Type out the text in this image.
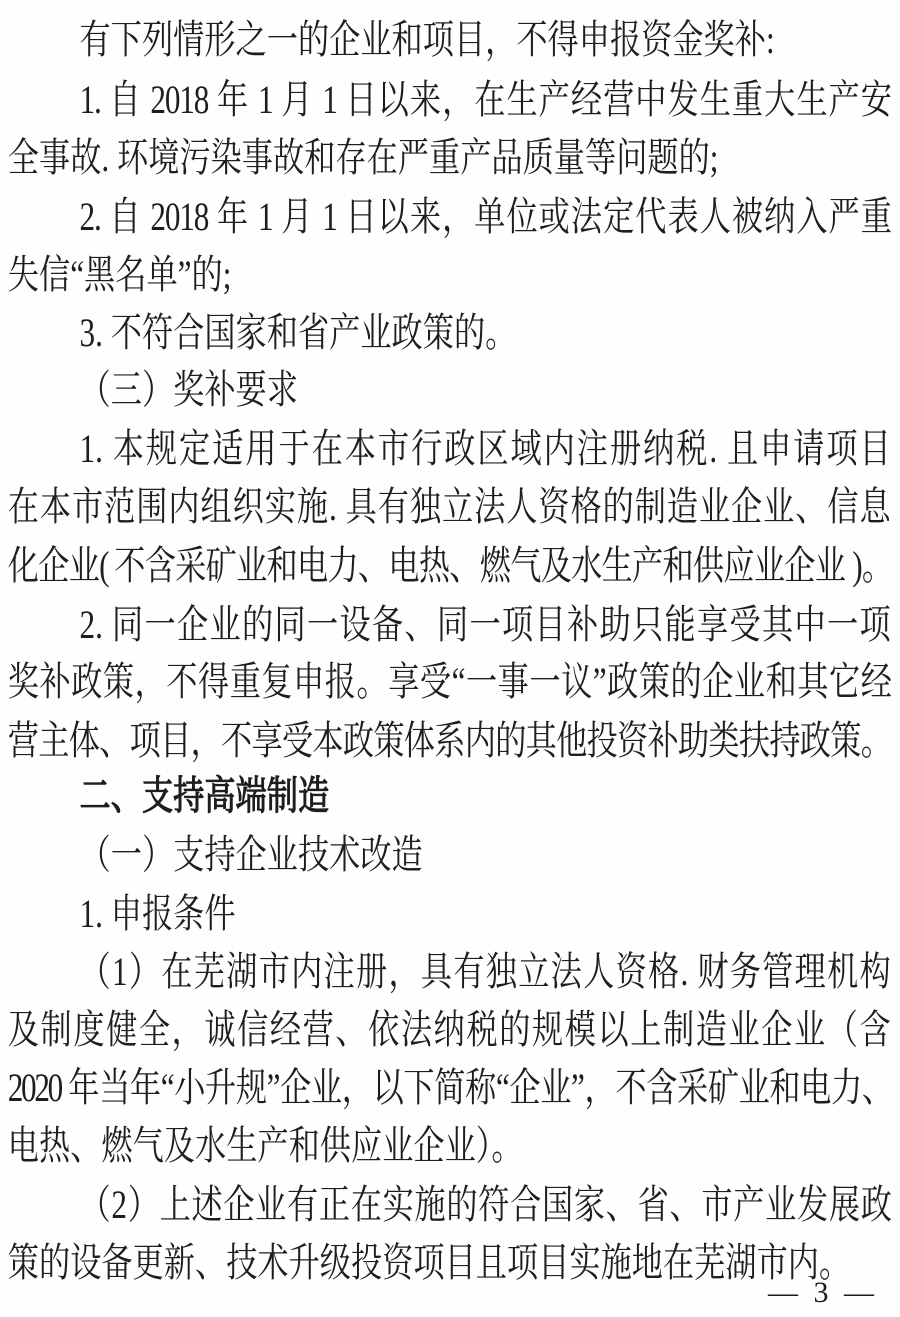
有下列情形之一的企业和项目，不得申报资金奖补:
1. 自 2018 年 1 月 1 日以来，在生产经营中发生重大生产安
全事故. 环境污染事故和存在严重产品质量等问题的;
2. 自 2018 年 1 月 1 日以来，单位或法定代表人被纳入严重
失信“黑名单”的;
3. 不符合国家和省产业政策的。
（三）奖补要求
1. 本规定适用于在本市行政区域内注册纳税. 且申请项目
在本市范围内组织实施. 具有独立法人资格的制造业企业、信息
化企业( 不含采矿业和电力、电热、燃气及水生产和供应业企业 )。
2. 同一企业的同一设备、同一项目补助只能享受其中一项
奖补政策，不得重复申报。享受“一事一议”政策的企业和其它经
营主体、项目，不享受本政策体系内的其他投资补助类扶持政策。
二、支持高端制造
（一）支持企业技术改造
1. 申报条件
（1）在芜湖市内注册，具有独立法人资格. 财务管理机构
及制度健全，诚信经营、依法纳税的规模以上制造业企业（含
2020 年当年“小升规”企业，以下简称“企业”，不含采矿业和电力、
电热、燃气及水生产和供应业企业）。
（2）上述企业有正在实施的符合国家、省、市产业发展政
策的设备更新、技术升级投资项目且项目实施地在芜湖市内。
— 3 —
